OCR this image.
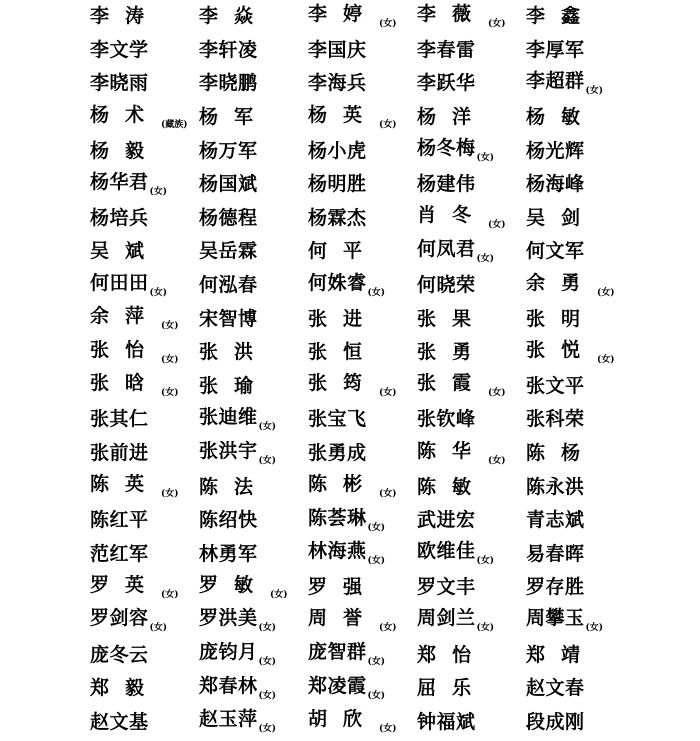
李涛	李焱	李婷$_{(女)}$	李薇$_{(女)}$	李鑫
李文学	李轩凌	李国庆	李春雷	李厚军
李晓雨	李晓鹏	李海兵	李跃华	李超群$_{(女)}$
杨术$_{(藏族)}$ 杨军	杨英$_{(女)}$	杨洋	杨敏
杨毅	杨万军	杨小虎	杨冬梅$_{(女)}$	杨光辉
杨华君$_{(女)}$	杨国斌	杨明胜	杨建伟	杨海峰
杨培兵	杨德程	杨霖杰	肖冬$_{(女)}$	吴剑
吴斌	吴岳霖	何平	何凤君$_{(女)}$	何文军
何田田$_{(女)}$	何泓春	何姝睿$_{(女)}$	何晓荣	余勇$_{(女)}$
余萍$_{(女)}$	宋智博	张进	张果	张明
张怡$_{(女)}$	张洪	张恒	张勇	张悦$_{(女)}$
张晗$_{(女)}$	张瑜	张筠$_{(女)}$	张霞$_{(女)}$	张文平
张其仁	张迪维$_{(女)}$	张宝飞	张钦峰	张科荣
张前进	张洪宇$_{(女)}$	张勇成	陈华$_{(女)}$	陈杨
陈英$_{(女)}$	陈法	陈彬$_{(女)}$	陈敏	陈永洪
陈红平	陈绍快	陈荟琳$_{(女)}$	武进宏	青志斌
范红军	林勇军	林海燕$_{(女)}$	欧维佳$_{(女)}$	易春晖
罗英$_{(女)}$	罗敏$_{(女)}$	罗强	罗文丰	罗存胜
罗剑容$_{(女)}$	罗洪美$_{(女)}$	周誉$_{(女)}$	周剑兰$_{(女)}$	周攀玉$_{(女)}$
庞冬云	庞钧月$_{(女)}$	庞智群$_{(女)}$	郑怡	郑靖
郑毅	郑春林$_{(女)}$	郑凌霞$_{(女)}$	屈乐	赵文春
赵文基	赵玉萍$_{(女)}$	胡欣$_{(女)}$	钟福斌	段成刚
